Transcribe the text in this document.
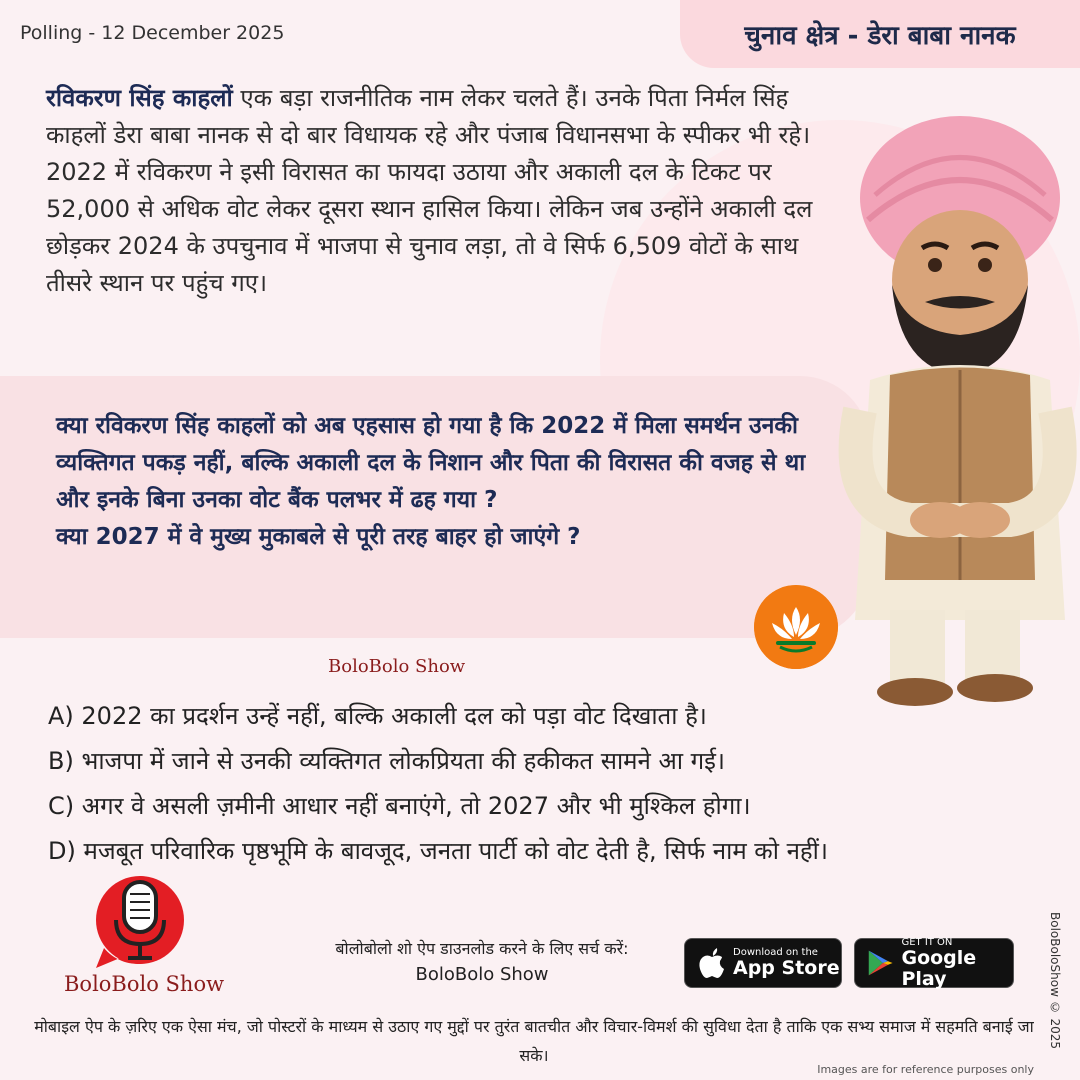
Polling - 12 December 2025	चुनाव क्षेत्र - डेरा बाबा नानक
रविकरण सिंह काहलों एक बड़ा राजनीतिक नाम लेकर चलते हैं। उनके पिता निर्मल सिंह काहलों डेरा बाबा नानक से दो बार विधायक रहे और पंजाब विधानसभा के स्पीकर भी रहे। 2022 में रविकरण ने इसी विरासत का फायदा उठाया और अकाली दल के टिकट पर 52,000 से अधिक वोट लेकर दूसरा स्थान हासिल किया। लेकिन जब उन्होंने अकाली दल छोड़कर 2024 के उपचुनाव में भाजपा से चुनाव लड़ा, तो वे सिर्फ 6,509 वोटों के साथ तीसरे स्थान पर पहुंच गए।
क्या रविकरण सिंह काहलों को अब एहसास हो गया है कि 2022 में मिला समर्थन उनकी व्यक्तिगत पकड़ नहीं, बल्कि अकाली दल के निशान और पिता की विरासत की वजह से था और इनके बिना उनका वोट बैंक पलभर में ढह गया ?
क्या 2027 में वे मुख्य मुकाबले से पूरी तरह बाहर हो जाएंगे ?
BoloBolo Show
A) 2022 का प्रदर्शन उन्हें नहीं, बल्कि अकाली दल को पड़ा वोट दिखाता है।
B) भाजपा में जाने से उनकी व्यक्तिगत लोकप्रियता की हकीकत सामने आ गई।
C) अगर वे असली ज़मीनी आधार नहीं बनाएंगे, तो 2027 और भी मुश्किल होगा।
D) मजबूत परिवारिक पृष्ठभूमि के बावजूद, जनता पार्टी को वोट देती है, सिर्फ नाम को नहीं।
BoloBolo Show
बोलोबोलो शो ऐप डाउनलोड करने के लिए सर्च करें:
BoloBolo Show
Download on the
App Store
GET IT ON
Google Play
मोबाइल ऐप के ज़रिए एक ऐसा मंच, जो पोस्टरों के माध्यम से उठाए गए मुद्दों पर तुरंत बातचीत और विचार-विमर्श की सुविधा देता है ताकि एक सभ्य समाज में सहमति बनाई जा सके।
Images are for reference purposes only
BoloBoloShow © 2025
